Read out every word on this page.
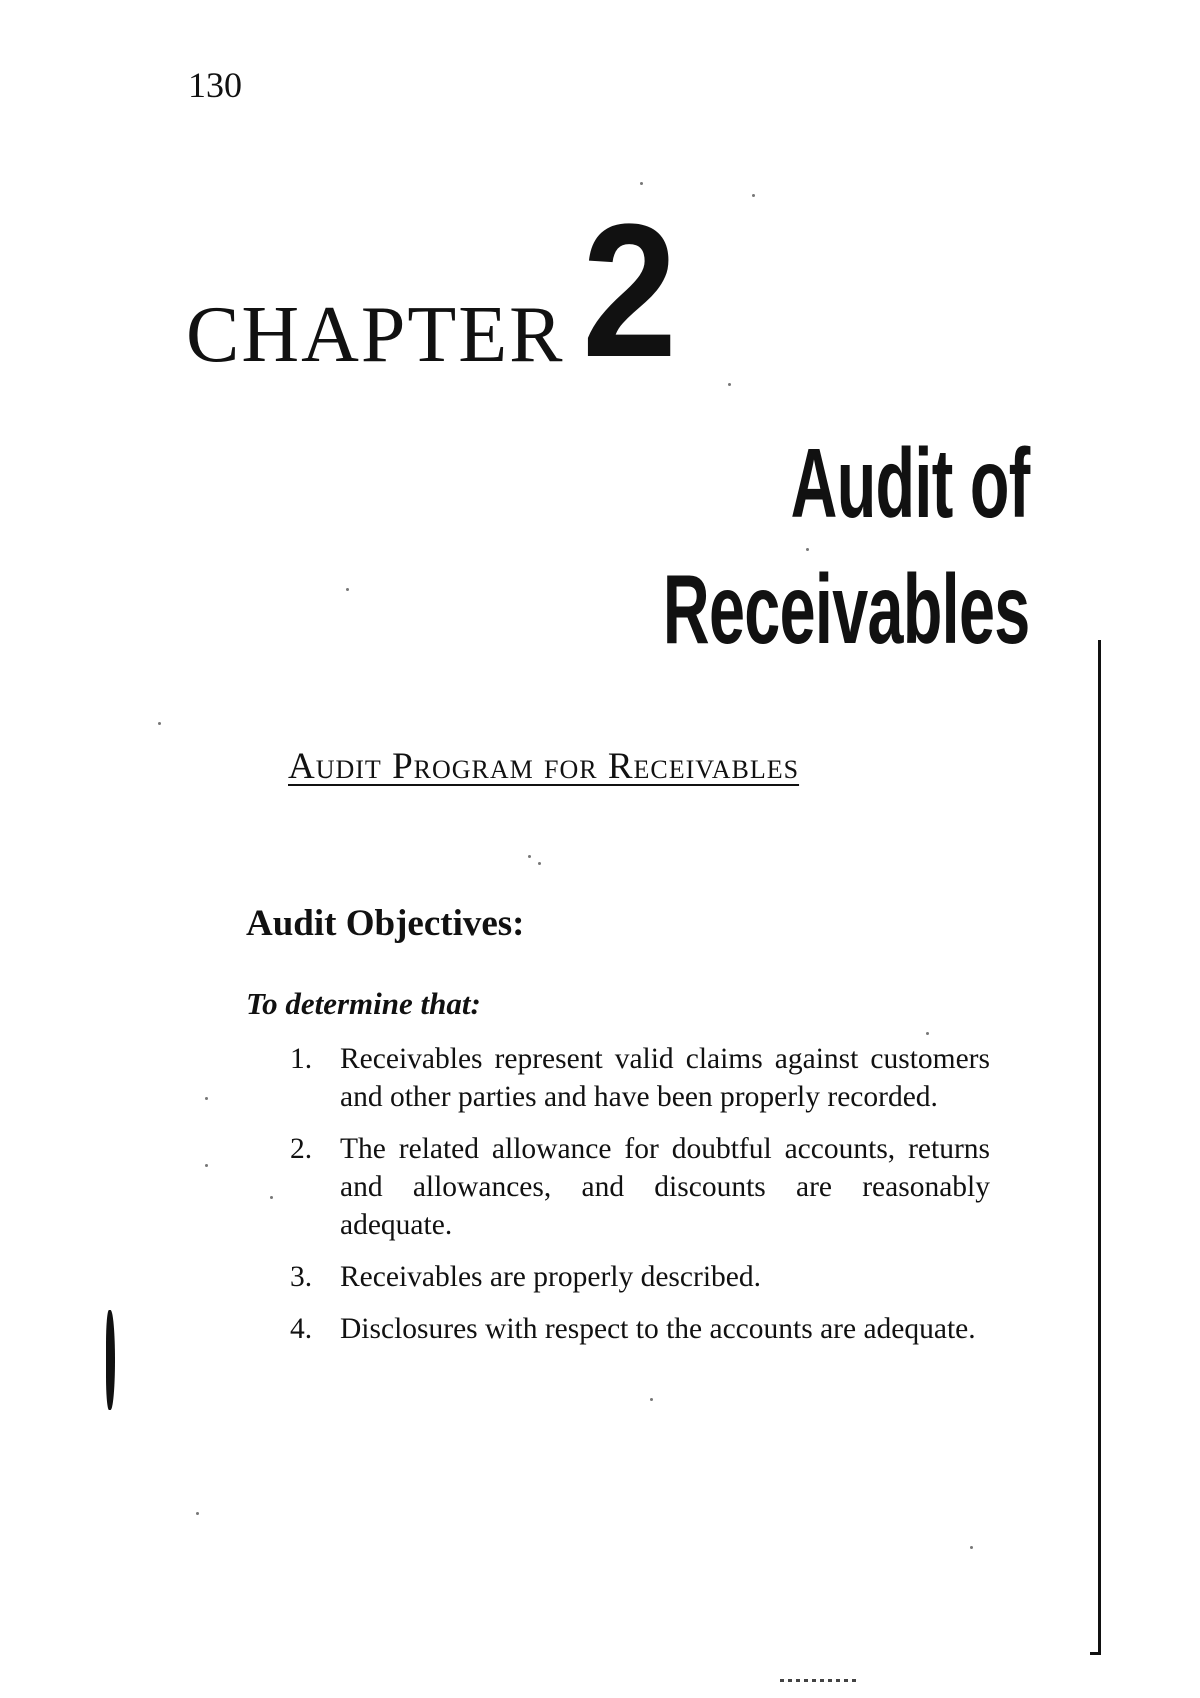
130
CHAPTER 2
Audit of
Receivables
Audit Program for Receivables
Audit Objectives:
To determine that:
1. Receivables represent valid claims against customers and other parties and have been properly recorded.
2. The related allowance for doubtful accounts, returns and allowances, and discounts are reasonably adequate.
3. Receivables are properly described.
4. Disclosures with respect to the accounts are adequate.
